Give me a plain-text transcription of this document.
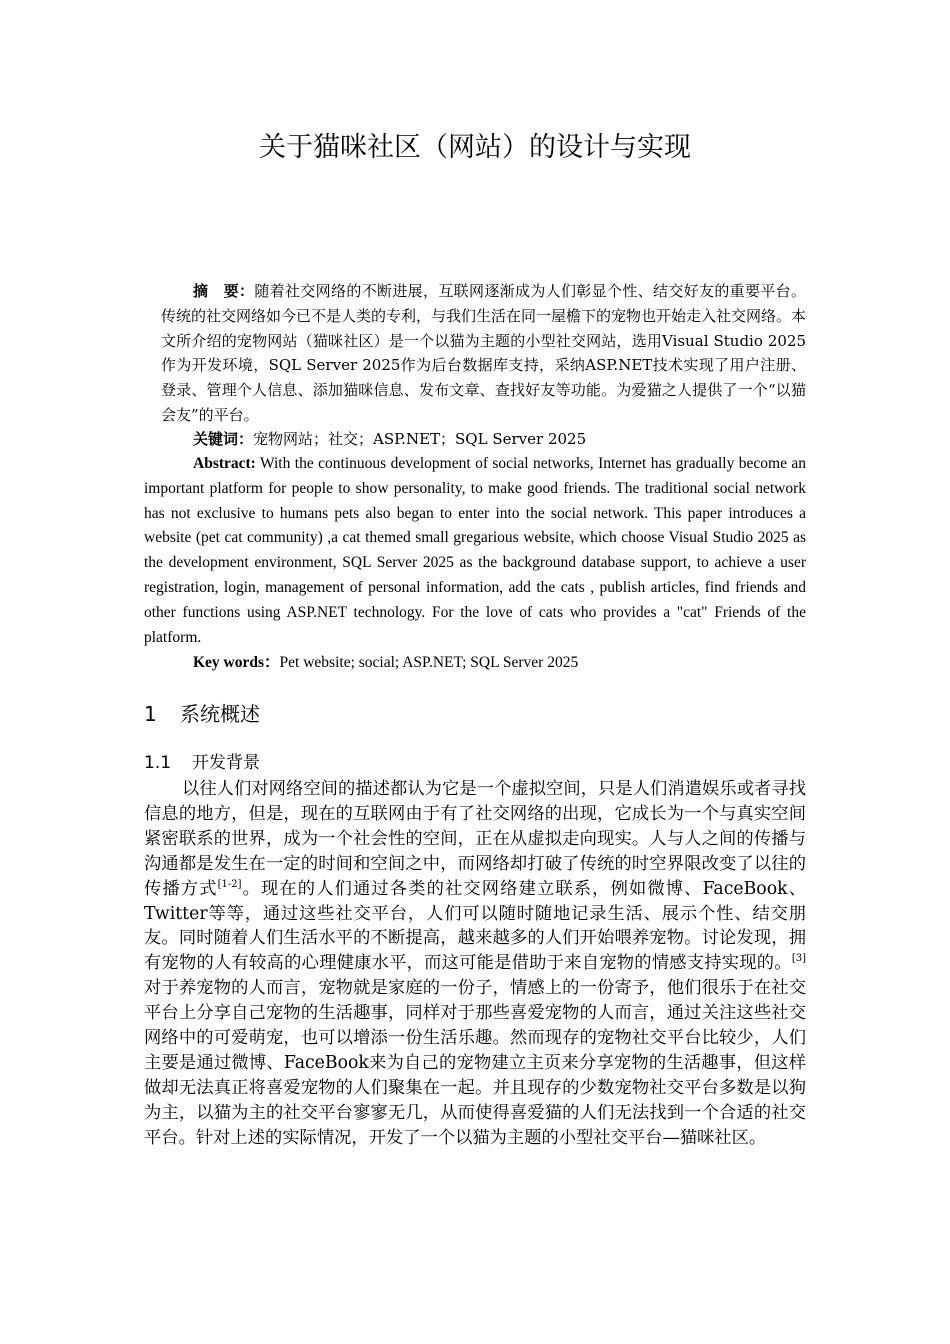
关于猫咪社区（网站）的设计与实现

摘　要：随着社交网络的不断进展，互联网逐渐成为人们彰显个性、结交好友的重要平台。传统的社交网络如今已不是人类的专利，与我们生活在同一屋檐下的宠物也开始走入社交网络。本文所介绍的宠物网站（猫咪社区）是一个以猫为主题的小型社交网站，选用Visual Studio 2025 作为开发环境，SQL Server 2025作为后台数据库支持，采纳ASP.NET技术实现了用户注册、登录、管理个人信息、添加猫咪信息、发布文章、查找好友等功能。为爱猫之人提供了一个“以猫会友”的平台。

关键词：宠物网站；社交；ASP.NET；SQL Server 2025

Abstract: With the continuous development of social networks, Internet has gradually become an important platform for people to show personality, to make good friends. The traditional social network has not exclusive to humans pets also began to enter into the social network. This paper introduces a website (pet cat community) ,a cat themed small gregarious website, which choose Visual Studio 2025 as the development environment, SQL Server 2025 as the background database support, to achieve a user registration, login, management of personal information, add the cats , publish articles, find friends and other functions using ASP.NET technology. For the love of cats who provides a "cat" Friends of the platform.

Key words：Pet website; social; ASP.NET; SQL Server 2025

1 系统概述
1.1 开发背景

以往人们对网络空间的描述都认为它是一个虚拟空间，只是人们消遣娱乐或者寻找信息的地方，但是，现在的互联网由于有了社交网络的出现，它成长为一个与真实空间紧密联系的世界，成为一个社会性的空间，正在从虚拟走向现实。人与人之间的传播与沟通都是发生在一定的时间和空间之中，而网络却打破了传统的时空界限改变了以往的传播方式[1-2]。现在的人们通过各类的社交网络建立联系，例如微博、FaceBook、Twitter等等，通过这些社交平台，人们可以随时随地记录生活、展示个性、结交朋友。同时随着人们生活水平的不断提高，越来越多的人们开始喂养宠物。讨论发现，拥有宠物的人有较高的心理健康水平，而这可能是借助于来自宠物的情感支持实现的。[3]对于养宠物的人而言，宠物就是家庭的一份子，情感上的一份寄予，他们很乐于在社交平台上分享自己宠物的生活趣事，同样对于那些喜爱宠物的人而言，通过关注这些社交网络中的可爱萌宠，也可以增添一份生活乐趣。然而现存的宠物社交平台比较少，人们主要是通过微博、FaceBook来为自己的宠物建立主页来分享宠物的生活趣事，但这样做却无法真正将喜爱宠物的人们聚集在一起。并且现存的少数宠物社交平台多数是以狗为主，以猫为主的社交平台寥寥无几，从而使得喜爱猫的人们无法找到一个合适的社交平台。针对上述的实际情况，开发了一个以猫为主题的小型社交平台—猫咪社区。
